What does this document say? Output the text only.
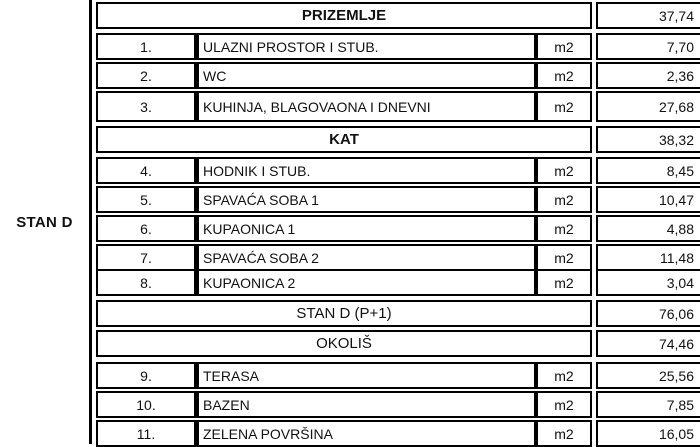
STAN D
PRIZEMLJE	37,74
1.	ULAZNI PROSTOR I STUB.	m2	7,70
2.	WC	m2	2,36
3.	KUHINJA, BLAGOVAONA I DNEVNI	m2	27,68
KAT	38,32
4.	HODNIK I STUB.	m2	8,45
5.	SPAVAĆA SOBA 1	m2	10,47
6.	KUPAONICA 1	m2	4,88
7.	SPAVAĆA SOBA 2	m2	11,48
8.	KUPAONICA 2	m2	3,04
STAN D (P+1)	76,06
OKOLIŠ	74,46
9.	TERASA	m2	25,56
10.	BAZEN	m2	7,85
11.	ZELENA POVRŠINA	m2	16,05
